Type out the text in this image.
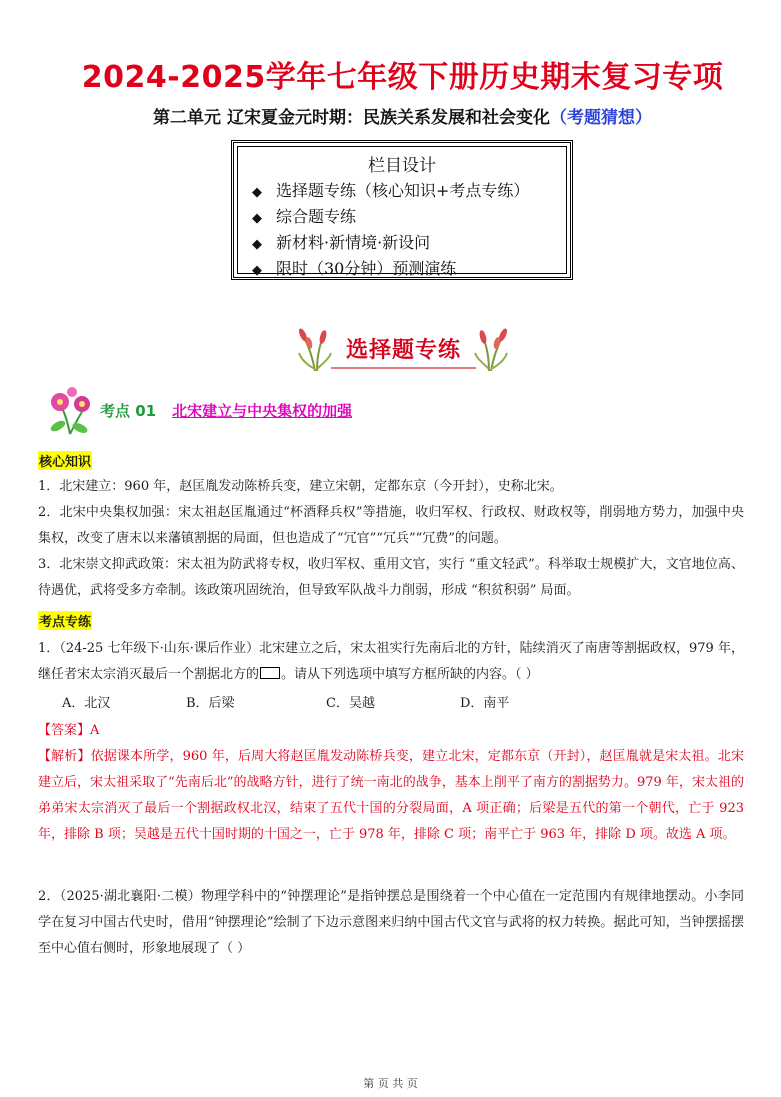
2024-2025学年七年级下册历史期末复习专项
第二单元 辽宋夏金元时期：民族关系发展和社会变化（考题猜想）
栏目设计
◆ 选择题专练（核心知识+考点专练）
◆ 综合题专练
◆ 新材料·新情境·新设问
◆ 限时（30分钟）预测演练
选择题专练
考点 01 北宋建立与中央集权的加强
核心知识
1．北宋建立：960 年，赵匡胤发动陈桥兵变，建立宋朝，定都东京（今开封），史称北宋。
2．北宋中央集权加强：宋太祖赵匡胤通过“杯酒释兵权”等措施，收归军权、行政权、财政权等，削弱地方势力，加强中央集权，改变了唐末以来藩镇割据的局面，但也造成了“冗官”“冗兵”“冗费”的问题。
3．北宋崇文抑武政策：宋太祖为防武将专权，收归军权、重用文官，实行 “重文轻武”。科举取士规模扩大，文官地位高、待遇优，武将受多方牵制。该政策巩固统治，但导致军队战斗力削弱，形成 “积贫积弱” 局面。
考点专练
1．（24-25 七年级下·山东·课后作业）北宋建立之后，宋太祖实行先南后北的方针，陆续消灭了南唐等割据政权，979 年，继任者宋太宗消灭最后一个割据北方的 。请从下列选项中填写方框所缺的内容。（ ）
A．北汉	B．后梁	C．吴越	D．南平
【答案】A
【解析】依据课本所学，960 年，后周大将赵匡胤发动陈桥兵变，建立北宋，定都东京（开封），赵匡胤就是宋太祖。北宋建立后，宋太祖采取了“先南后北”的战略方针，进行了统一南北的战争，基本上削平了南方的割据势力。979 年，宋太祖的弟弟宋太宗消灭了最后一个割据政权北汉，结束了五代十国的分裂局面，A 项正确；后梁是五代的第一个朝代，亡于 923 年，排除 B 项；吴越是五代十国时期的十国之一，亡于 978 年，排除 C 项；南平亡于 963 年，排除 D 项。故选 A 项。
2．（2025·湖北襄阳·二模）物理学科中的“钟摆理论”是指钟摆总是围绕着一个中心值在一定范围内有规律地摆动。小李同学在复习中国古代史时，借用“钟摆理论”绘制了下边示意图来归纳中国古代文官与武将的权力转换。据此可知，当钟摆摇摆至中心值右侧时，形象地展现了（ ）
第 页 共 页
